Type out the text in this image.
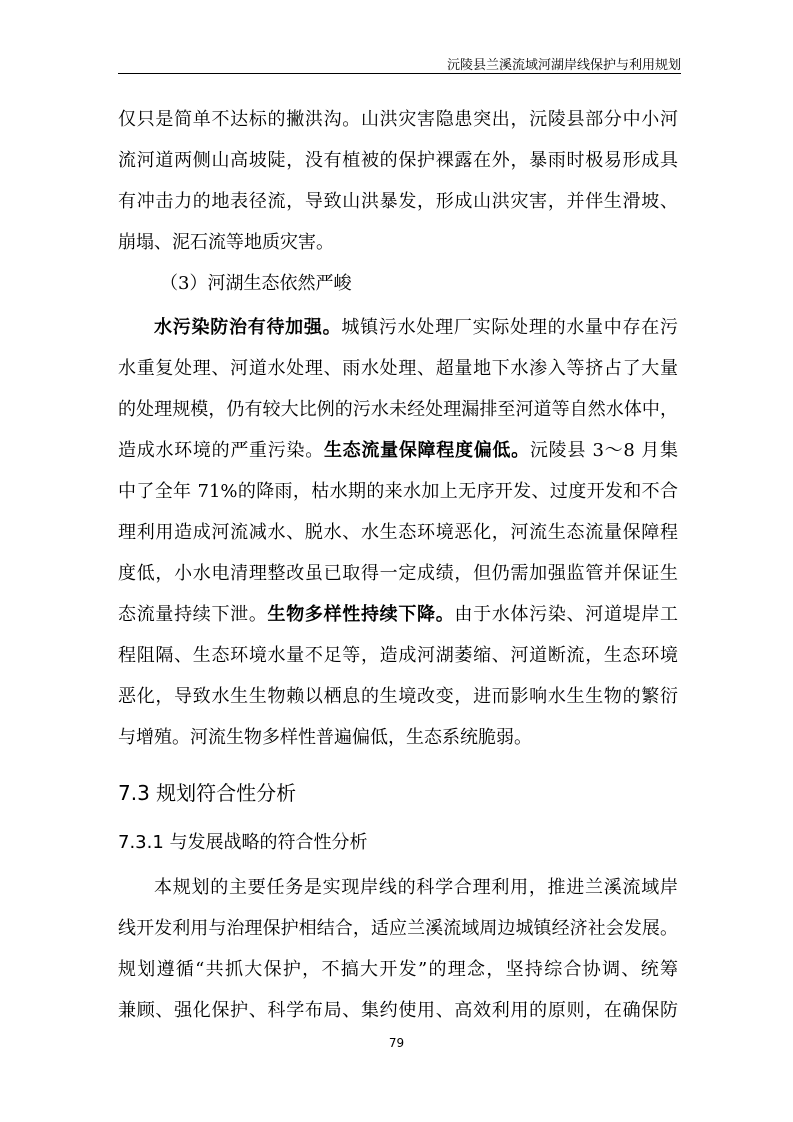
沅陵县兰溪流域河湖岸线保护与利用规划
仅只是简单不达标的撇洪沟。山洪灾害隐患突出，沅陵县部分中小河
流河道两侧山高坡陡，没有植被的保护裸露在外，暴雨时极易形成具
有冲击力的地表径流，导致山洪暴发，形成山洪灾害，并伴生滑坡、
崩塌、泥石流等地质灾害。
（3）河湖生态依然严峻
水污染防治有待加强。城镇污水处理厂实际处理的水量中存在污
水重复处理、河道水处理、雨水处理、超量地下水渗入等挤占了大量
的处理规模，仍有较大比例的污水未经处理漏排至河道等自然水体中，
造成水环境的严重污染。生态流量保障程度偏低。沅陵县 3～8 月集
中了全年 71%的降雨，枯水期的来水加上无序开发、过度开发和不合
理利用造成河流减水、脱水、水生态环境恶化，河流生态流量保障程
度低，小水电清理整改虽已取得一定成绩，但仍需加强监管并保证生
态流量持续下泄。生物多样性持续下降。由于水体污染、河道堤岸工
程阻隔、生态环境水量不足等，造成河湖萎缩、河道断流，生态环境
恶化，导致水生生物赖以栖息的生境改变，进而影响水生生物的繁衍
与增殖。河流生物多样性普遍偏低，生态系统脆弱。
7.3 规划符合性分析
7.3.1 与发展战略的符合性分析
本规划的主要任务是实现岸线的科学合理利用，推进兰溪流域岸
线开发利用与治理保护相结合，适应兰溪流域周边城镇经济社会发展。
规划遵循“共抓大保护，不搞大开发”的理念，坚持综合协调、统筹
兼顾、强化保护、科学布局、集约使用、高效利用的原则，在确保防
79
